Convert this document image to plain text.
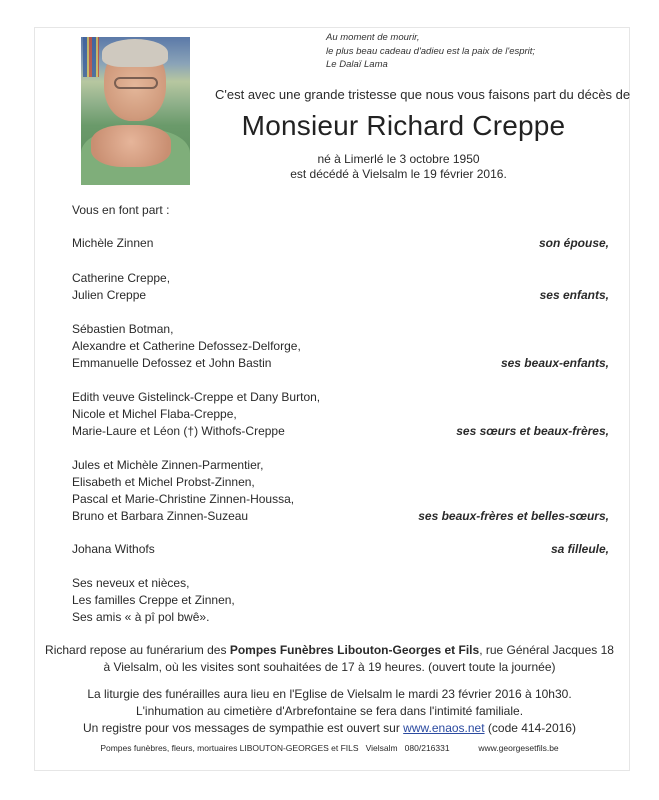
Au moment de mourir,
le plus beau cadeau d'adieu est la paix de l'esprit;
Le Dalaï Lama
C'est avec une grande tristesse que nous vous faisons part du décès de
Monsieur Richard Creppe
né à Limerlé le 3 octobre 1950
est décédé à Vielsalm le 19 février 2016.
Vous en font part :
Michèle Zinnen	son épouse,
Catherine Creppe,
Julien Creppe	ses enfants,
Sébastien Botman,
Alexandre et Catherine Defossez-Delforge,
Emmanuelle Defossez et John Bastin	ses beaux-enfants,
Edith veuve Gistelinck-Creppe et Dany Burton,
Nicole et Michel Flaba-Creppe,
Marie-Laure et Léon (†) Withofs-Creppe	ses sœurs et beaux-frères,
Jules et Michèle Zinnen-Parmentier,
Elisabeth et Michel Probst-Zinnen,
Pascal et Marie-Christine Zinnen-Houssa,
Bruno et Barbara Zinnen-Suzeau	ses beaux-frères et belles-sœurs,
Johana Withofs	sa filleule,
Ses neveux et nièces,
Les familles Creppe et Zinnen,
Ses amis « à pî pol bwê».
Richard repose au funérarium des Pompes Funèbres Libouton-Georges et Fils, rue Général Jacques 18
à Vielsalm, où les visites sont souhaitées de 17 à 19 heures. (ouvert toute la journée)
La liturgie des funérailles aura lieu en l'Eglise de Vielsalm le mardi 23 février 2016 à 10h30.
L'inhumation au cimetière d'Arbrefontaine se fera dans l'intimité familiale.
Un registre pour vos messages de sympathie est ouvert sur www.enaos.net (code 414-2016)
Pompes funèbres, fleurs, mortuaires LIBOUTON-GEORGES et FILS   Vielsalm   080/216331	www.georgesetfils.be
